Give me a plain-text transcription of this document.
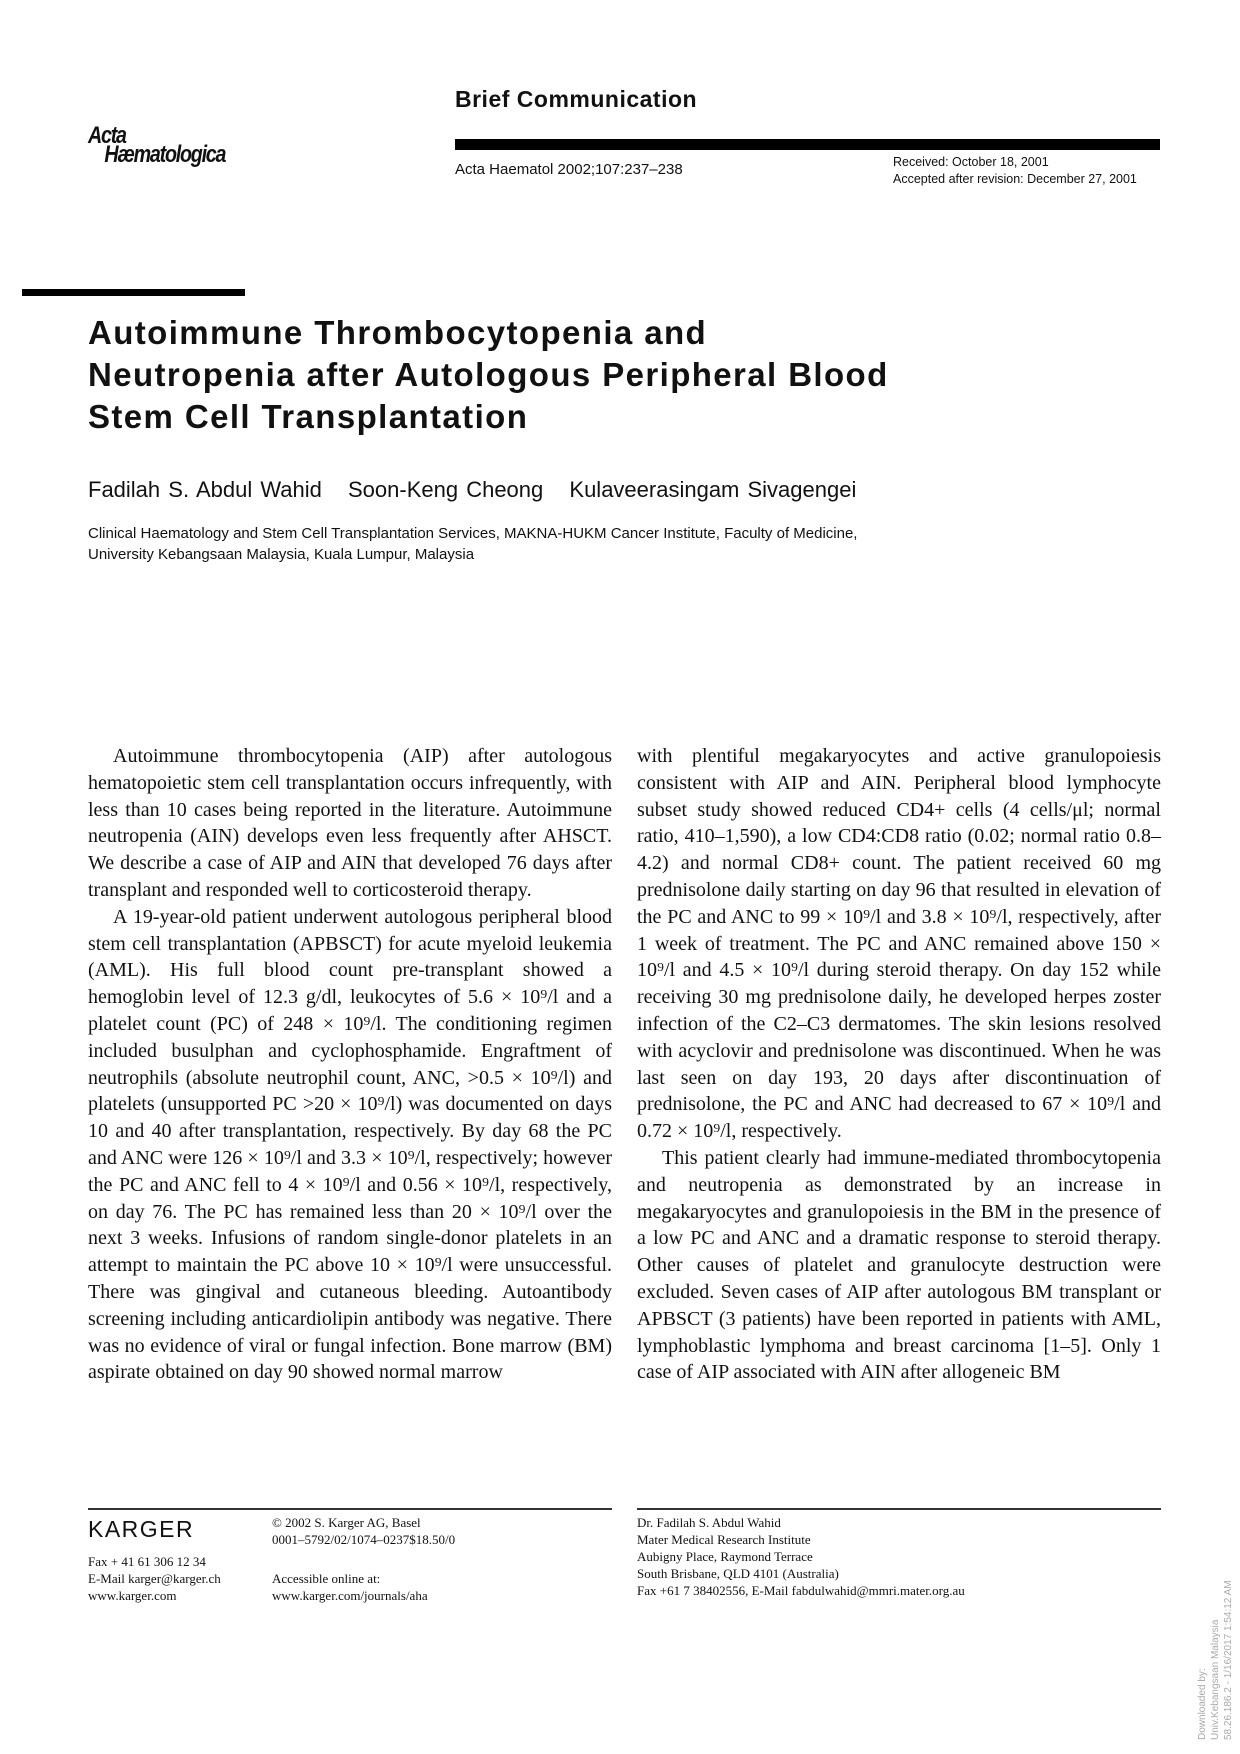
Brief Communication
Acta
Hæmatologica
Acta Haematol 2002;107:237–238	Received: October 18, 2001
Accepted after revision: December 27, 2001
Autoimmune Thrombocytopenia and
Neutropenia after Autologous Peripheral Blood
Stem Cell Transplantation
Fadilah S. Abdul Wahid Soon-Keng Cheong Kulaveerasingam Sivagengei
Clinical Haematology and Stem Cell Transplantation Services, MAKNA-HUKM Cancer Institute, Faculty of Medicine,
University Kebangsaan Malaysia, Kuala Lumpur, Malaysia

Autoimmune thrombocytopenia (AIP) after autologous hematopoietic stem cell transplantation occurs infrequently, with less than 10 cases being reported in the literature. Autoimmune neutropenia (AIN) develops even less frequently after AHSCT. We describe a case of AIP and AIN that developed 76 days after transplant and responded well to corticosteroid therapy.

A 19-year-old patient underwent autologous peripheral blood stem cell transplantation (APBSCT) for acute myeloid leukemia (AML). His full blood count pre-transplant showed a hemoglobin level of 12.3 g/dl, leukocytes of 5.6 × 10⁹/l and a platelet count (PC) of 248 × 10⁹/l. The conditioning regimen included busulphan and cyclophosphamide. Engraftment of neutrophils (absolute neutrophil count, ANC, >0.5 × 10⁹/l) and platelets (unsupported PC >20 × 10⁹/l) was documented on days 10 and 40 after transplantation, respectively. By day 68 the PC and ANC were 126 × 10⁹/l and 3.3 × 10⁹/l, respectively; however the PC and ANC fell to 4 × 10⁹/l and 0.56 × 10⁹/l, respectively, on day 76. The PC has remained less than 20 × 10⁹/l over the next 3 weeks. Infusions of random single-donor platelets in an attempt to maintain the PC above 10 × 10⁹/l were unsuccessful. There was gingival and cutaneous bleeding. Autoantibody screening including anticardiolipin antibody was negative. There was no evidence of viral or fungal infection. Bone marrow (BM) aspirate obtained on day 90 showed normal marrow

with plentiful megakaryocytes and active granulopoiesis consistent with AIP and AIN. Peripheral blood lymphocyte subset study showed reduced CD4+ cells (4 cells/μl; normal ratio, 410–1,590), a low CD4:CD8 ratio (0.02; normal ratio 0.8–4.2) and normal CD8+ count. The patient received 60 mg prednisolone daily starting on day 96 that resulted in elevation of the PC and ANC to 99 × 10⁹/l and 3.8 × 10⁹/l, respectively, after 1 week of treatment. The PC and ANC remained above 150 × 10⁹/l and 4.5 × 10⁹/l during steroid therapy. On day 152 while receiving 30 mg prednisolone daily, he developed herpes zoster infection of the C2–C3 dermatomes. The skin lesions resolved with acyclovir and prednisolone was discontinued. When he was last seen on day 193, 20 days after discontinuation of prednisolone, the PC and ANC had decreased to 67 × 10⁹/l and 0.72 × 10⁹/l, respectively.

This patient clearly had immune-mediated thrombocytopenia and neutropenia as demonstrated by an increase in megakaryocytes and granulopoiesis in the BM in the presence of a low PC and ANC and a dramatic response to steroid therapy. Other causes of platelet and granulocyte destruction were excluded. Seven cases of AIP after autologous BM transplant or APBSCT (3 patients) have been reported in patients with AML, lymphoblastic lymphoma and breast carcinoma [1–5]. Only 1 case of AIP associated with AIN after allogeneic BM

KARGER
Fax + 41 61 306 12 34
E-Mail karger@karger.ch
www.karger.com
© 2002 S. Karger AG, Basel
0001–5792/02/1074–0237$18.50/0
Accessible online at:
www.karger.com/journals/aha
Dr. Fadilah S. Abdul Wahid
Mater Medical Research Institute
Aubigny Place, Raymond Terrace
South Brisbane, QLD 4101 (Australia)
Fax +61 7 38402556, E-Mail fabdulwahid@mmri.mater.org.au
Downloaded by: Univ.Kebangsaan Malaysia 58.26.186.2 - 1/16/2017 1:54:12 AM
